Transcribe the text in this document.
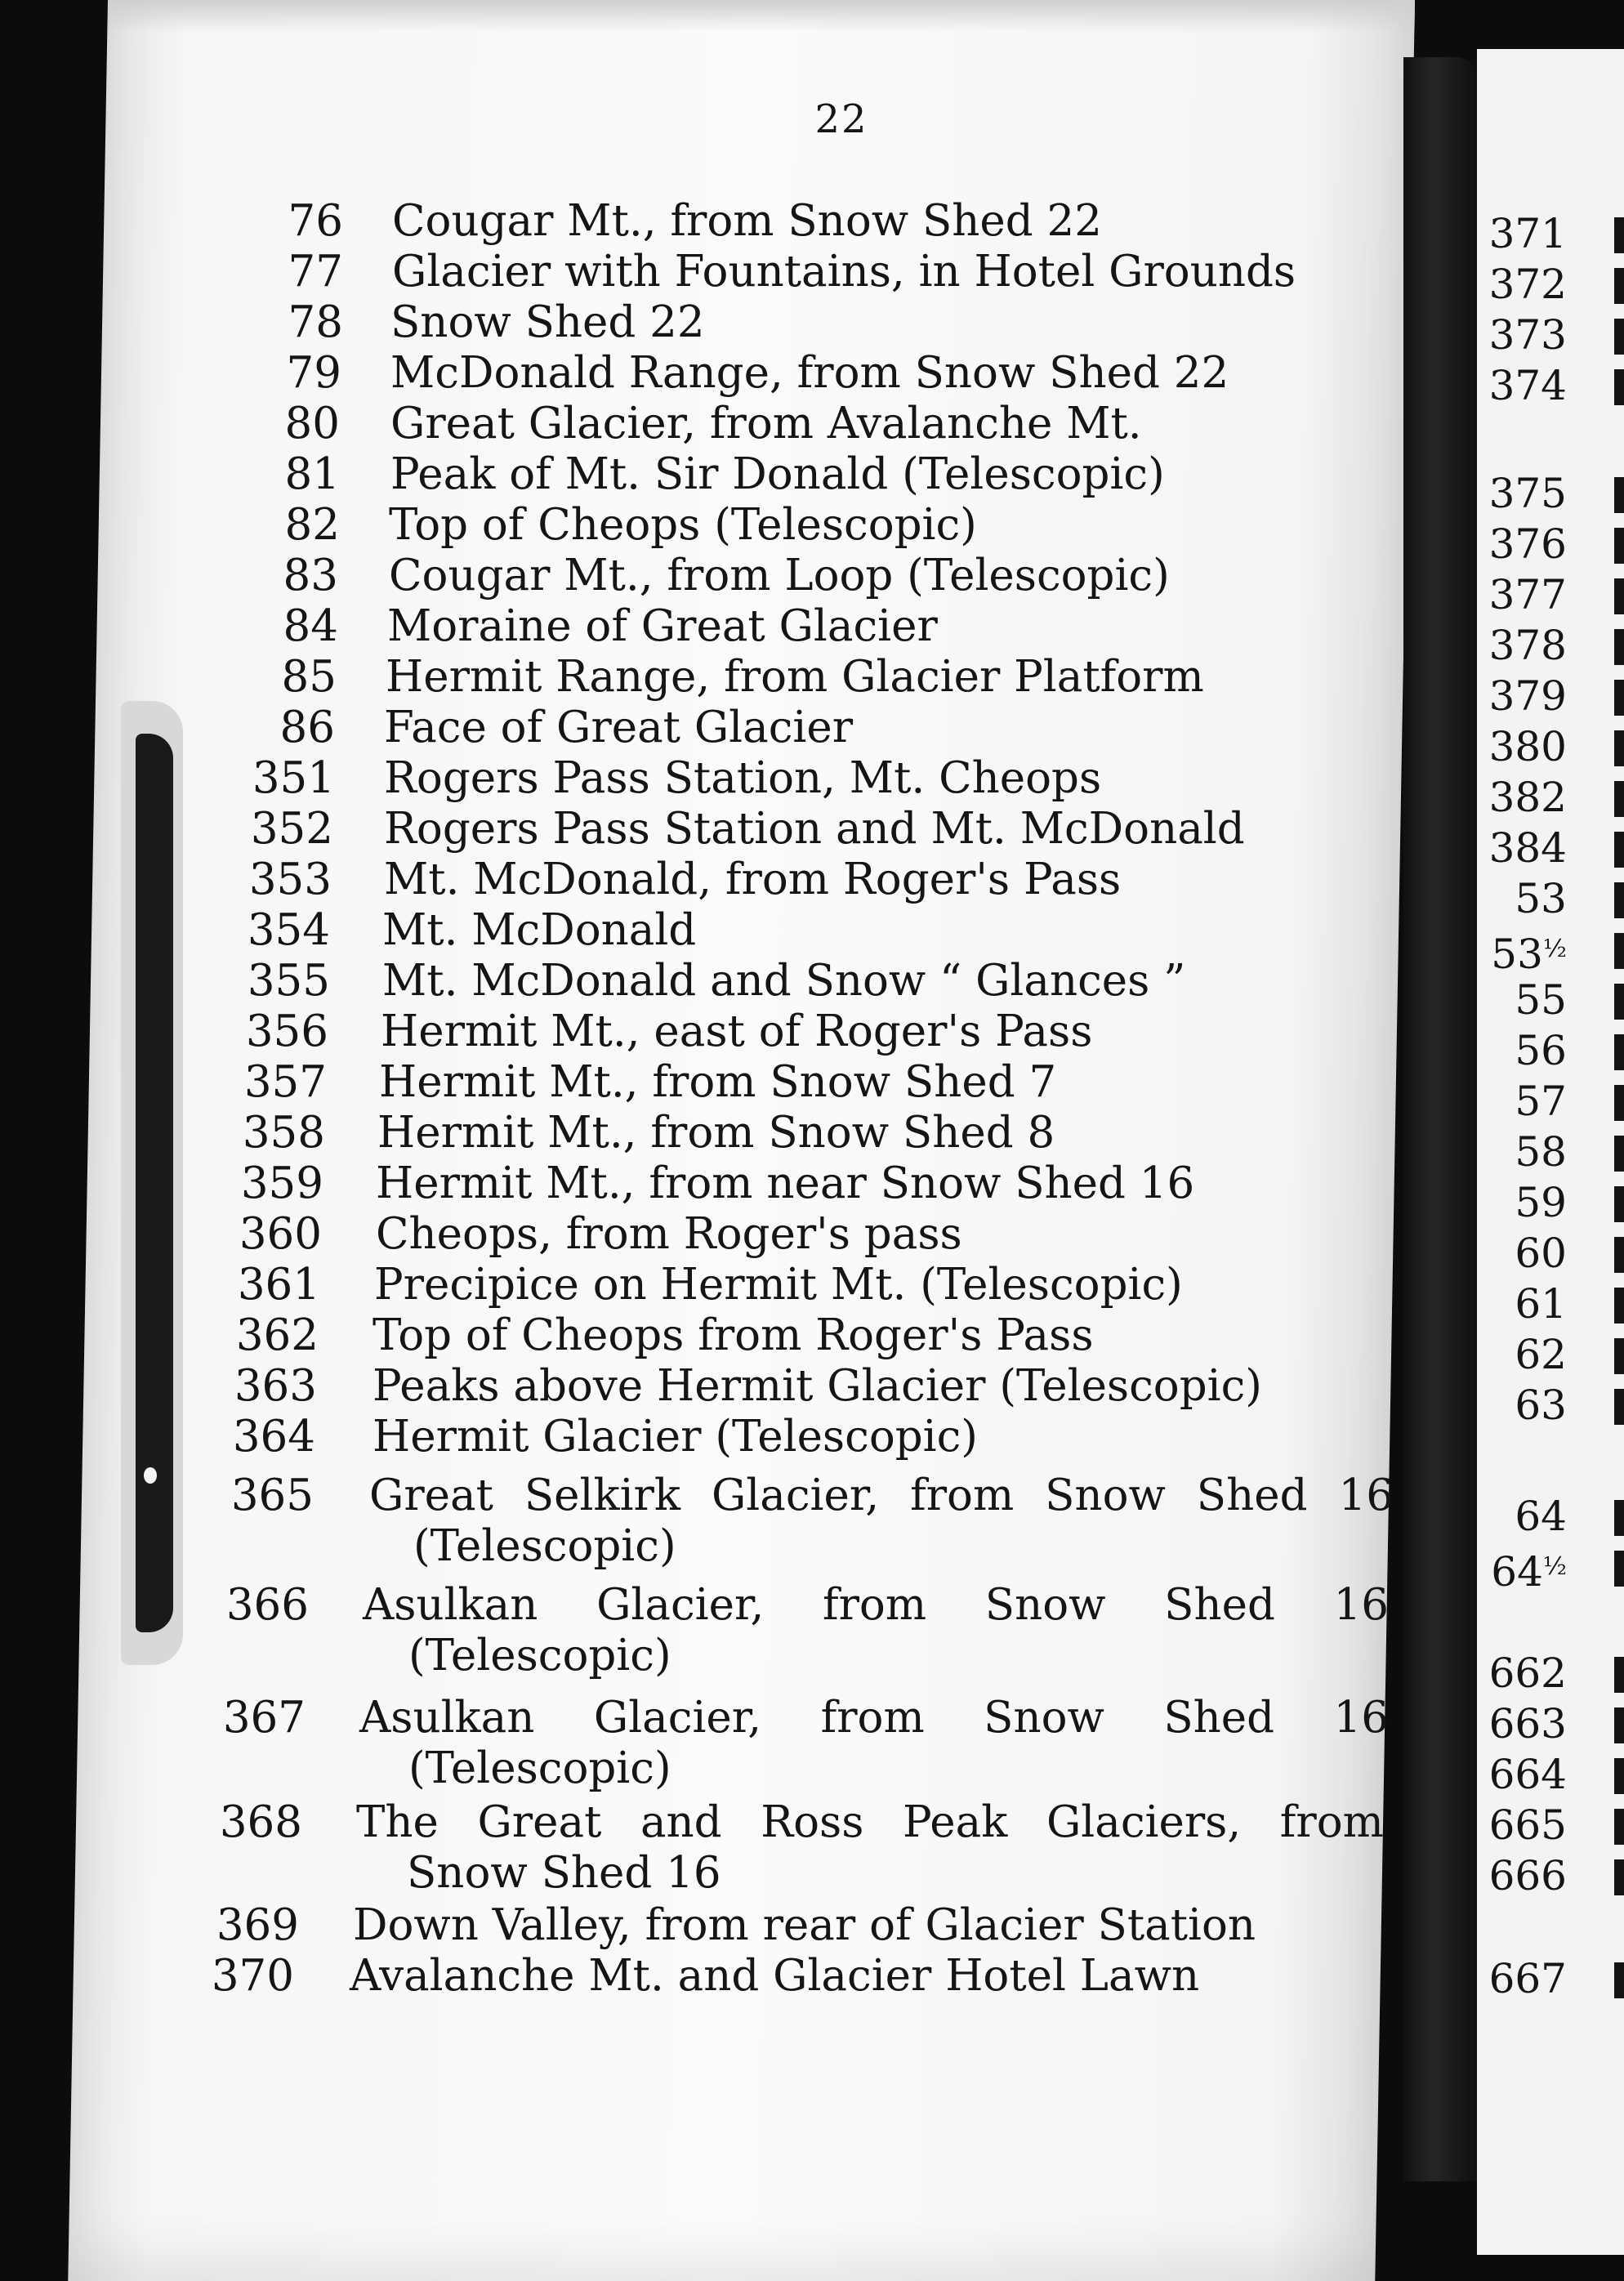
22
76 Cougar Mt., from Snow Shed 22
77 Glacier with Fountains, in Hotel Grounds
78 Snow Shed 22
79 McDonald Range, from Snow Shed 22
80 Great Glacier, from Avalanche Mt.
81 Peak of Mt. Sir Donald (Telescopic)
82 Top of Cheops (Telescopic)
83 Cougar Mt., from Loop (Telescopic)
84 Moraine of Great Glacier
85 Hermit Range, from Glacier Platform
86 Face of Great Glacier
351 Rogers Pass Station, Mt. Cheops
352 Rogers Pass Station and Mt. McDonald
353 Mt. McDonald, from Roger's Pass
354 Mt. McDonald
355 Mt. McDonald and Snow “ Glances ”
356 Hermit Mt., east of Roger's Pass
357 Hermit Mt., from Snow Shed 7
358 Hermit Mt., from Snow Shed 8
359 Hermit Mt., from near Snow Shed 16
360 Cheops, from Roger's pass
361 Precipice on Hermit Mt. (Telescopic)
362 Top of Cheops from Roger's Pass
363 Peaks above Hermit Glacier (Telescopic)
364 Hermit Glacier (Telescopic)
365 Great Selkirk Glacier, from Snow Shed 16
(Telescopic)
366 Asulkan Glacier, from Snow Shed 16
(Telescopic)
367 Asulkan Glacier, from Snow Shed 16
(Telescopic)
368 The Great and Ross Peak Glaciers, from
Snow Shed 16
369 Down Valley, from rear of Glacier Station
370 Avalanche Mt. and Glacier Hotel Lawn
371
372
373
374
375
376
377
378
379
380
382
384
53
$53^{\frac{1}{2}}$
55
56
57
58
59
60
61
62
63
64
$64^{\frac{1}{2}}$
662
663
664
665
666
667
